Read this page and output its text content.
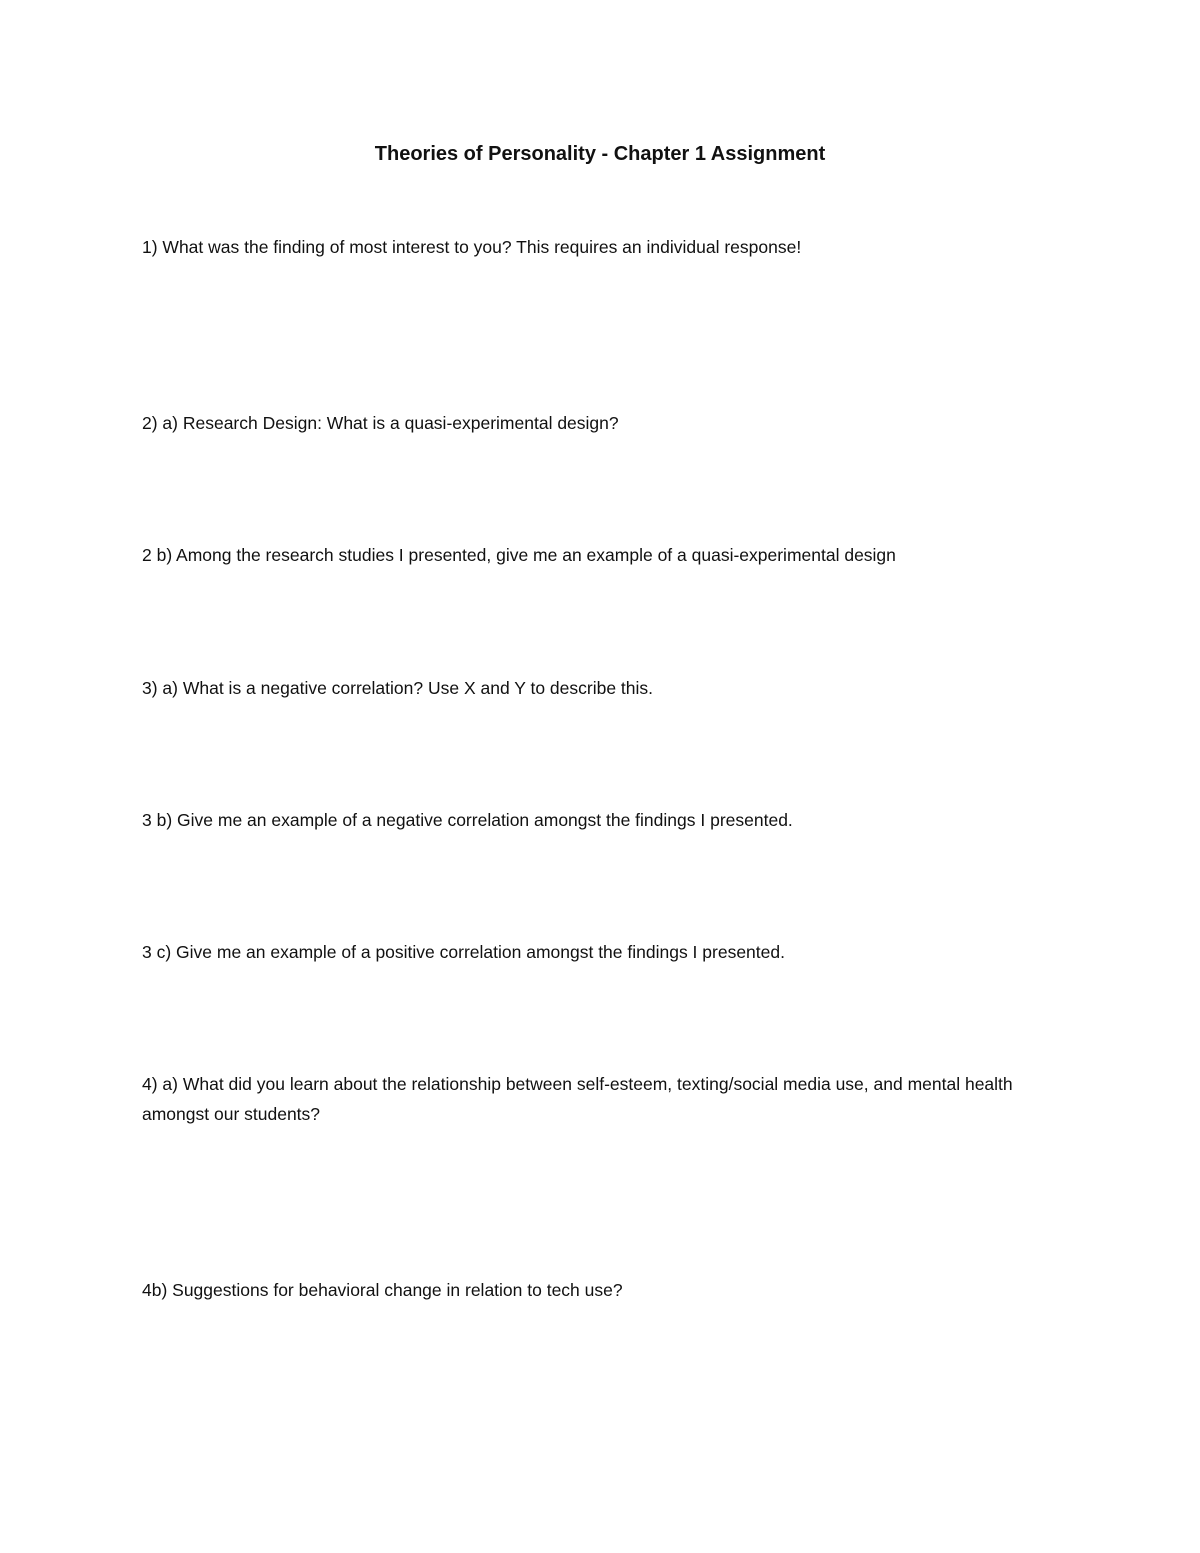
Theories of Personality - Chapter 1 Assignment

1) What was the finding of most interest to you? This requires an individual response!

2) a) Research Design: What is a quasi-experimental design?

2 b) Among the research studies I presented, give me an example of a quasi-experimental design

3) a) What is a negative correlation? Use X and Y to describe this.

3 b) Give me an example of a negative correlation amongst the findings I presented.

3 c) Give me an example of a positive correlation amongst the findings I presented.

4) a) What did you learn about the relationship between self-esteem, texting/social media use, and mental health amongst our students?

4b) Suggestions for behavioral change in relation to tech use?
